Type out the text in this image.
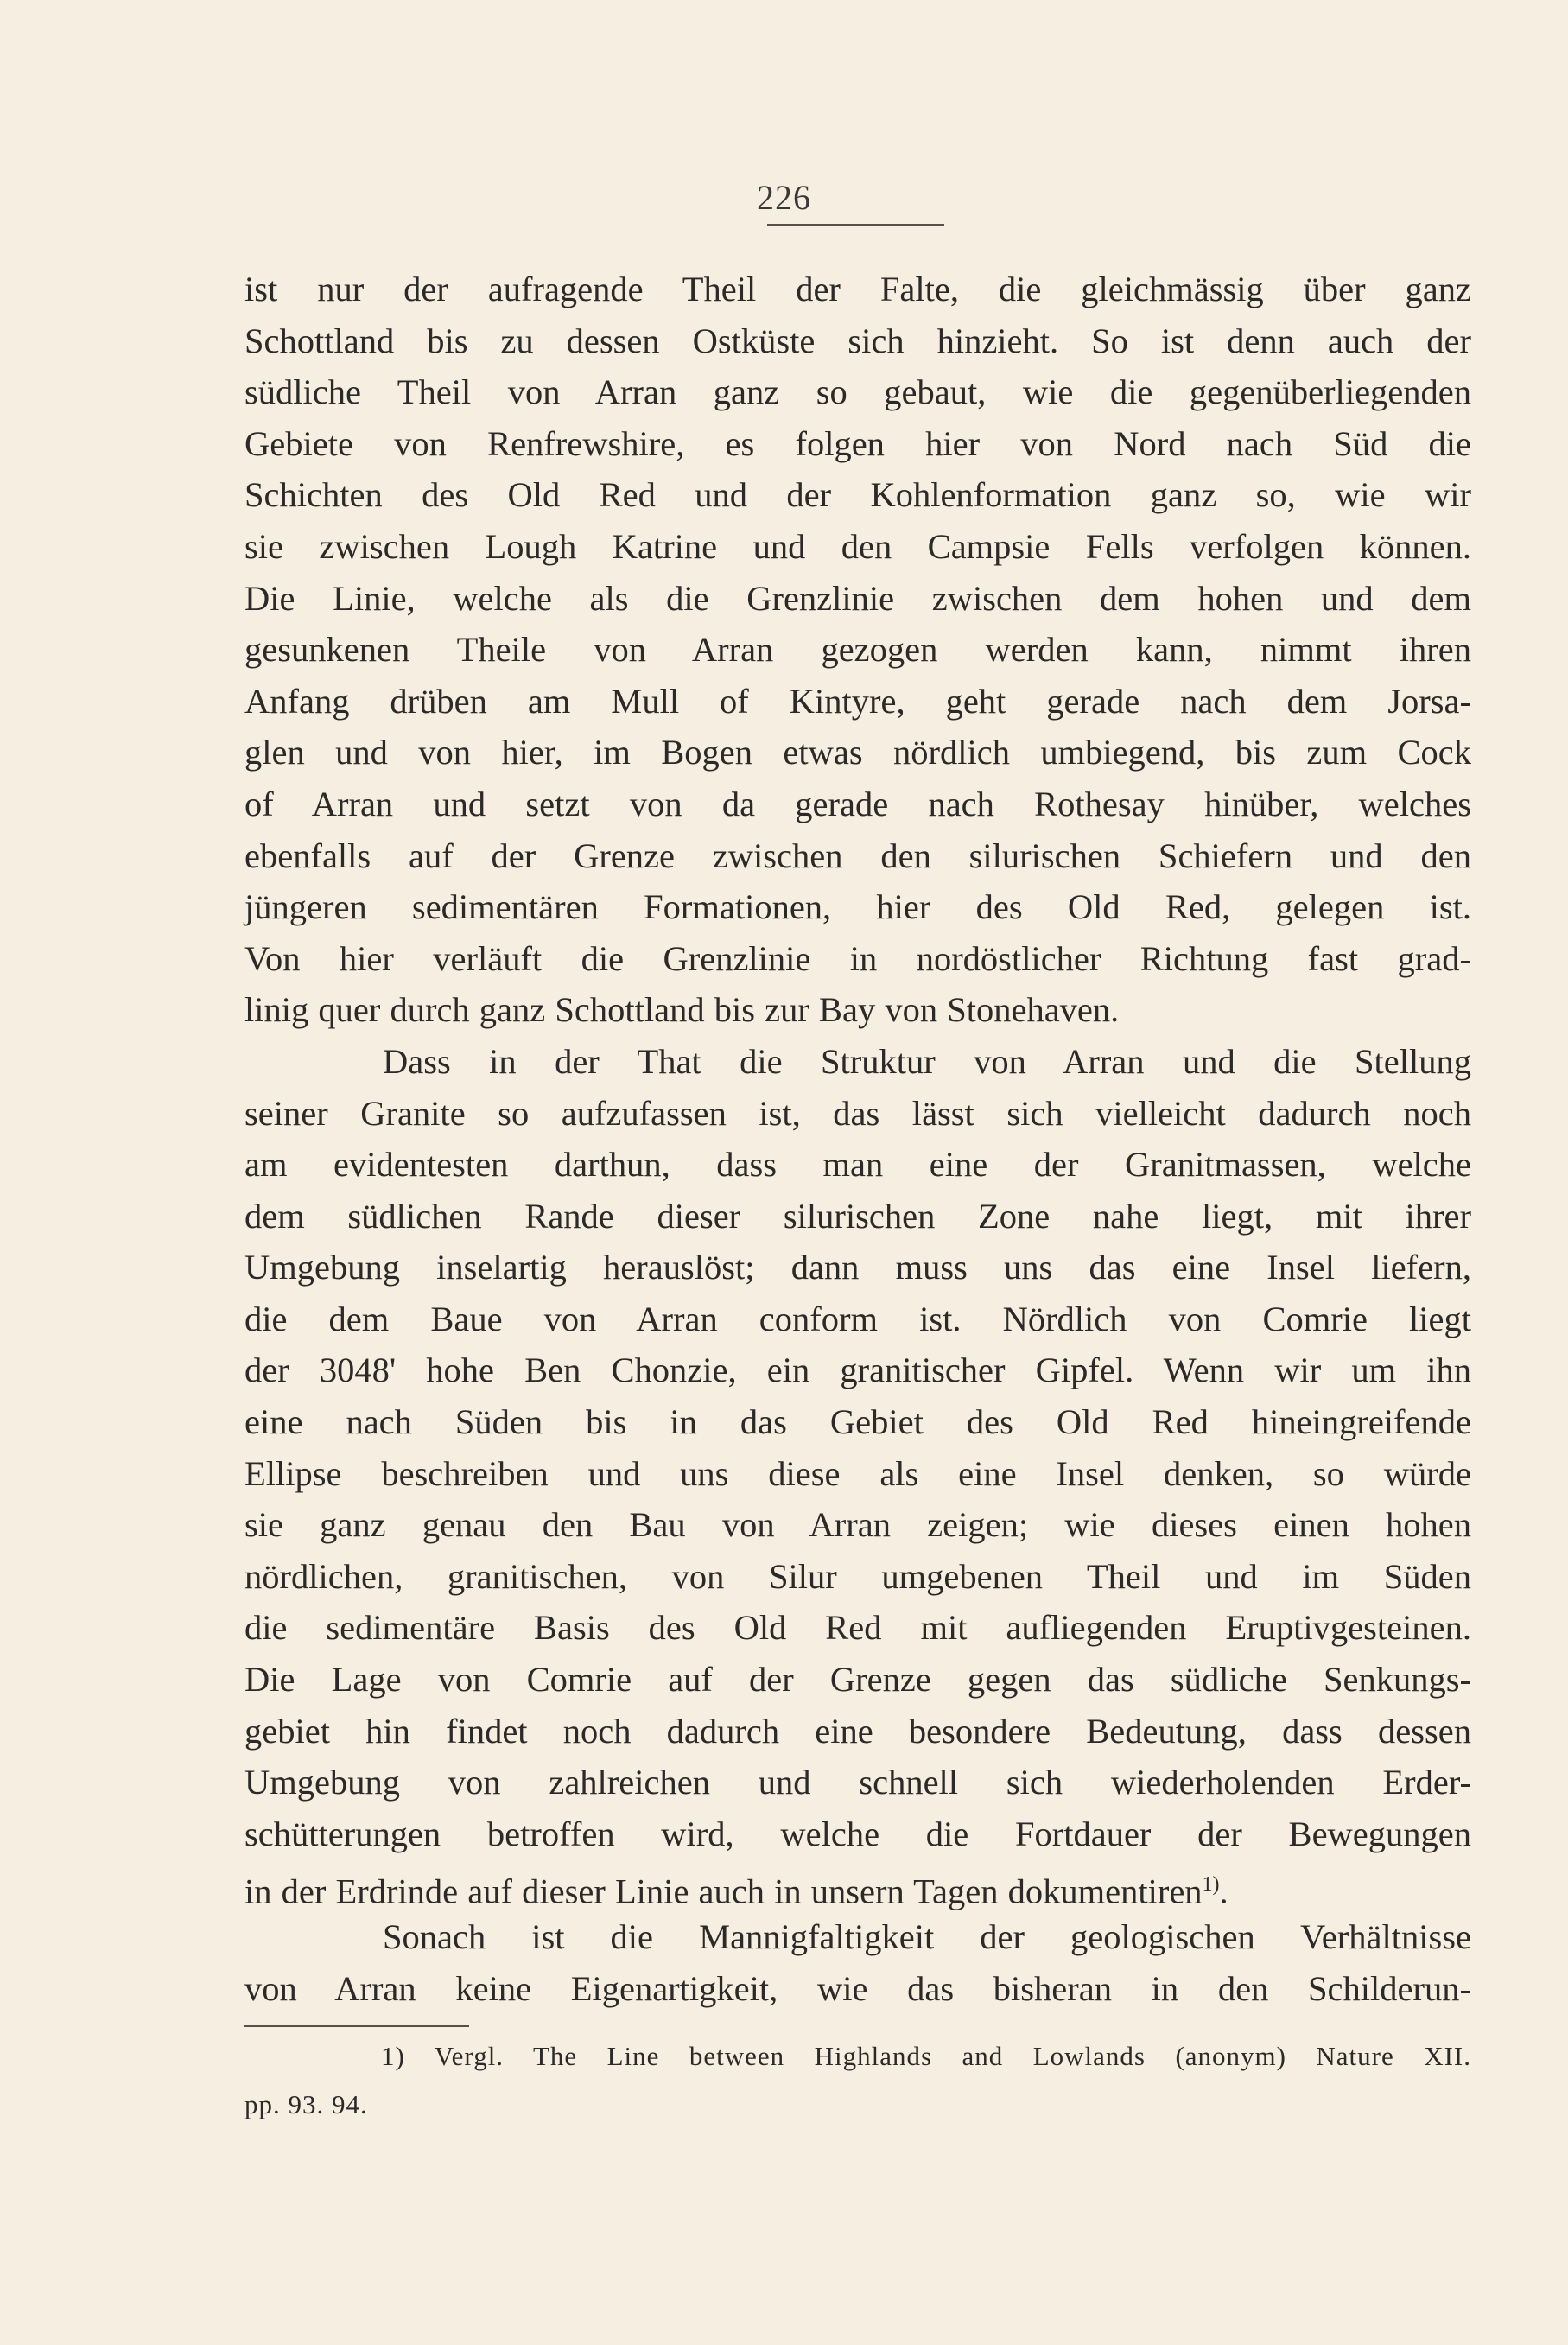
226
ist nur der aufragende Theil der Falte, die gleichmässig über ganz
Schottland bis zu dessen Ostküste sich hinzieht. So ist denn auch der
südliche Theil von Arran ganz so gebaut, wie die gegenüberliegenden
Gebiete von Renfrewshire, es folgen hier von Nord nach Süd die
Schichten des Old Red und der Kohlenformation ganz so, wie wir
sie zwischen Lough Katrine und den Campsie Fells verfolgen können.
Die Linie, welche als die Grenzlinie zwischen dem hohen und dem
gesunkenen Theile von Arran gezogen werden kann, nimmt ihren
Anfang drüben am Mull of Kintyre, geht gerade nach dem Jorsa-
glen und von hier, im Bogen etwas nördlich umbiegend, bis zum Cock
of Arran und setzt von da gerade nach Rothesay hinüber, welches
ebenfalls auf der Grenze zwischen den silurischen Schiefern und den
jüngeren sedimentären Formationen, hier des Old Red, gelegen ist.
Von hier verläuft die Grenzlinie in nordöstlicher Richtung fast grad-
linig quer durch ganz Schottland bis zur Bay von Stonehaven.
Dass in der That die Struktur von Arran und die Stellung
seiner Granite so aufzufassen ist, das lässt sich vielleicht dadurch noch
am evidentesten darthun, dass man eine der Granitmassen, welche
dem südlichen Rande dieser silurischen Zone nahe liegt, mit ihrer
Umgebung inselartig herauslöst; dann muss uns das eine Insel liefern,
die dem Baue von Arran conform ist. Nördlich von Comrie liegt
der 3048' hohe Ben Chonzie, ein granitischer Gipfel. Wenn wir um ihn
eine nach Süden bis in das Gebiet des Old Red hineingreifende
Ellipse beschreiben und uns diese als eine Insel denken, so würde
sie ganz genau den Bau von Arran zeigen; wie dieses einen hohen
nördlichen, granitischen, von Silur umgebenen Theil und im Süden
die sedimentäre Basis des Old Red mit aufliegenden Eruptivgesteinen.
Die Lage von Comrie auf der Grenze gegen das südliche Senkungs-
gebiet hin findet noch dadurch eine besondere Bedeutung, dass dessen
Umgebung von zahlreichen und schnell sich wiederholenden Erder-
schütterungen betroffen wird, welche die Fortdauer der Bewegungen
in der Erdrinde auf dieser Linie auch in unsern Tagen dokumentiren$^{1)}$.
Sonach ist die Mannigfaltigkeit der geologischen Verhältnisse
von Arran keine Eigenartigkeit, wie das bisheran in den Schilderun-
1) Vergl. The Line between Highlands and Lowlands (anonym) Nature XII.
pp. 93. 94.
